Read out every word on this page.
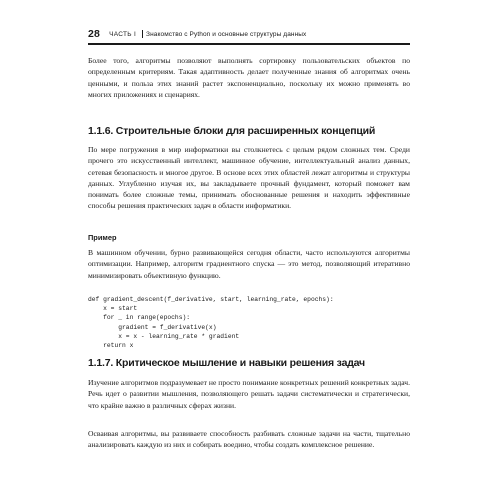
28 ЧАСТЬ I Знакомство с Python и основные структуры данных

Более того, алгоритмы позволяют выполнять сортировку пользовательских объектов по определенным критериям. Такая адаптивность делает полученные знания об алгоритмах очень ценными, и польза этих знаний растет экспоненциально, поскольку их можно применять во многих приложениях и сценариях.

1.1.6. Строительные блоки для расширенных концепций

По мере погружения в мир информатики вы столкнетесь с целым рядом сложных тем. Среди прочего это искусственный интеллект, машинное обучение, интеллектуальный анализ данных, сетевая безопасность и многое другое. В основе всех этих областей лежат алгоритмы и структуры данных. Углубленно изучая их, вы закладываете прочный фундамент, который поможет вам понимать более сложные темы, принимать обоснованные решения и находить эффективные способы решения практических задач в области информатики.

Пример

В машинном обучении, бурно развивающейся сегодня области, часто используются алгоритмы оптимизации. Например, алгоритм градиентного спуска — это метод, позволяющий итеративно минимизировать объективную функцию.

def gradient_descent(f_derivative, start, learning_rate, epochs):
x = start
for _ in range(epochs):
gradient = f_derivative(x)
x = x - learning_rate * gradient
return x
1.1.7. Критическое мышление и навыки решения задач

Изучение алгоритмов подразумевает не просто понимание конкретных решений конкретных задач. Речь идет о развитии мышления, позволяющего решать задачи систематически и стратегически, что крайне важно в различных сферах жизни.

Осваивая алгоритмы, вы развиваете способность разбивать сложные задачи на части, тщательно анализировать каждую из них и собирать воедино, чтобы создать комплексное решение.
